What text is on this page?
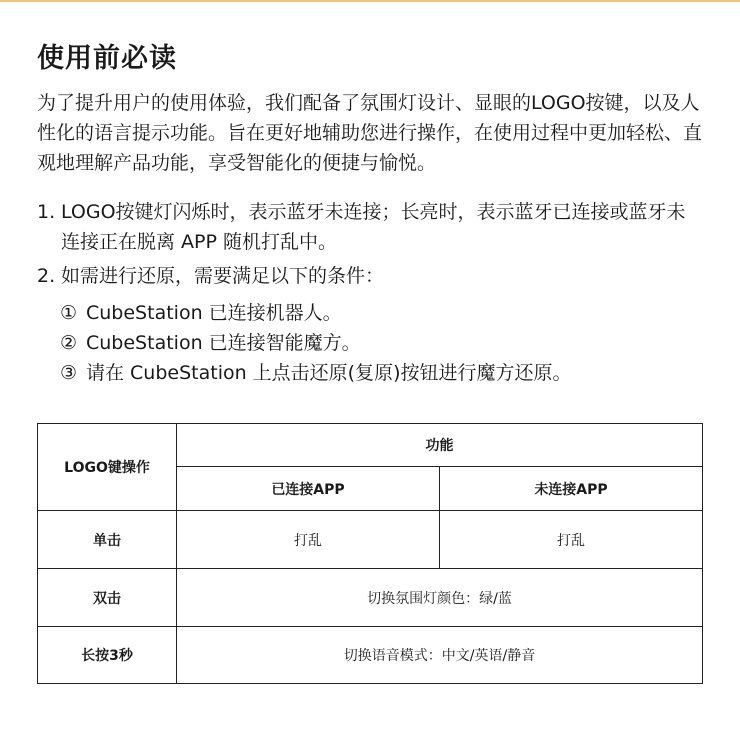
使用前必读

为了提升用户的使用体验，我们配备了氛围灯设计、显眼的LOGO按键，以及人性化的语言提示功能。旨在更好地辅助您进行操作，在使用过程中更加轻松、直观地理解产品功能，享受智能化的便捷与愉悦。

1. LOGO按键灯闪烁时，表示蓝牙未连接；长亮时，表示蓝牙已连接或蓝牙未连接正在脱离 APP 随机打乱中。
2. 如需进行还原，需要满足以下的条件：
① CubeStation 已连接机器人。
② CubeStation 已连接智能魔方。
③ 请在 CubeStation 上点击还原(复原)按钮进行魔方还原。
LOGO键操作	功能	
	已连接APP	未连接APP
单击	打乱	打乱
双击	切换氛围灯颜色：绿/蓝	
长按3秒	切换语音模式：中文/英语/静音	
